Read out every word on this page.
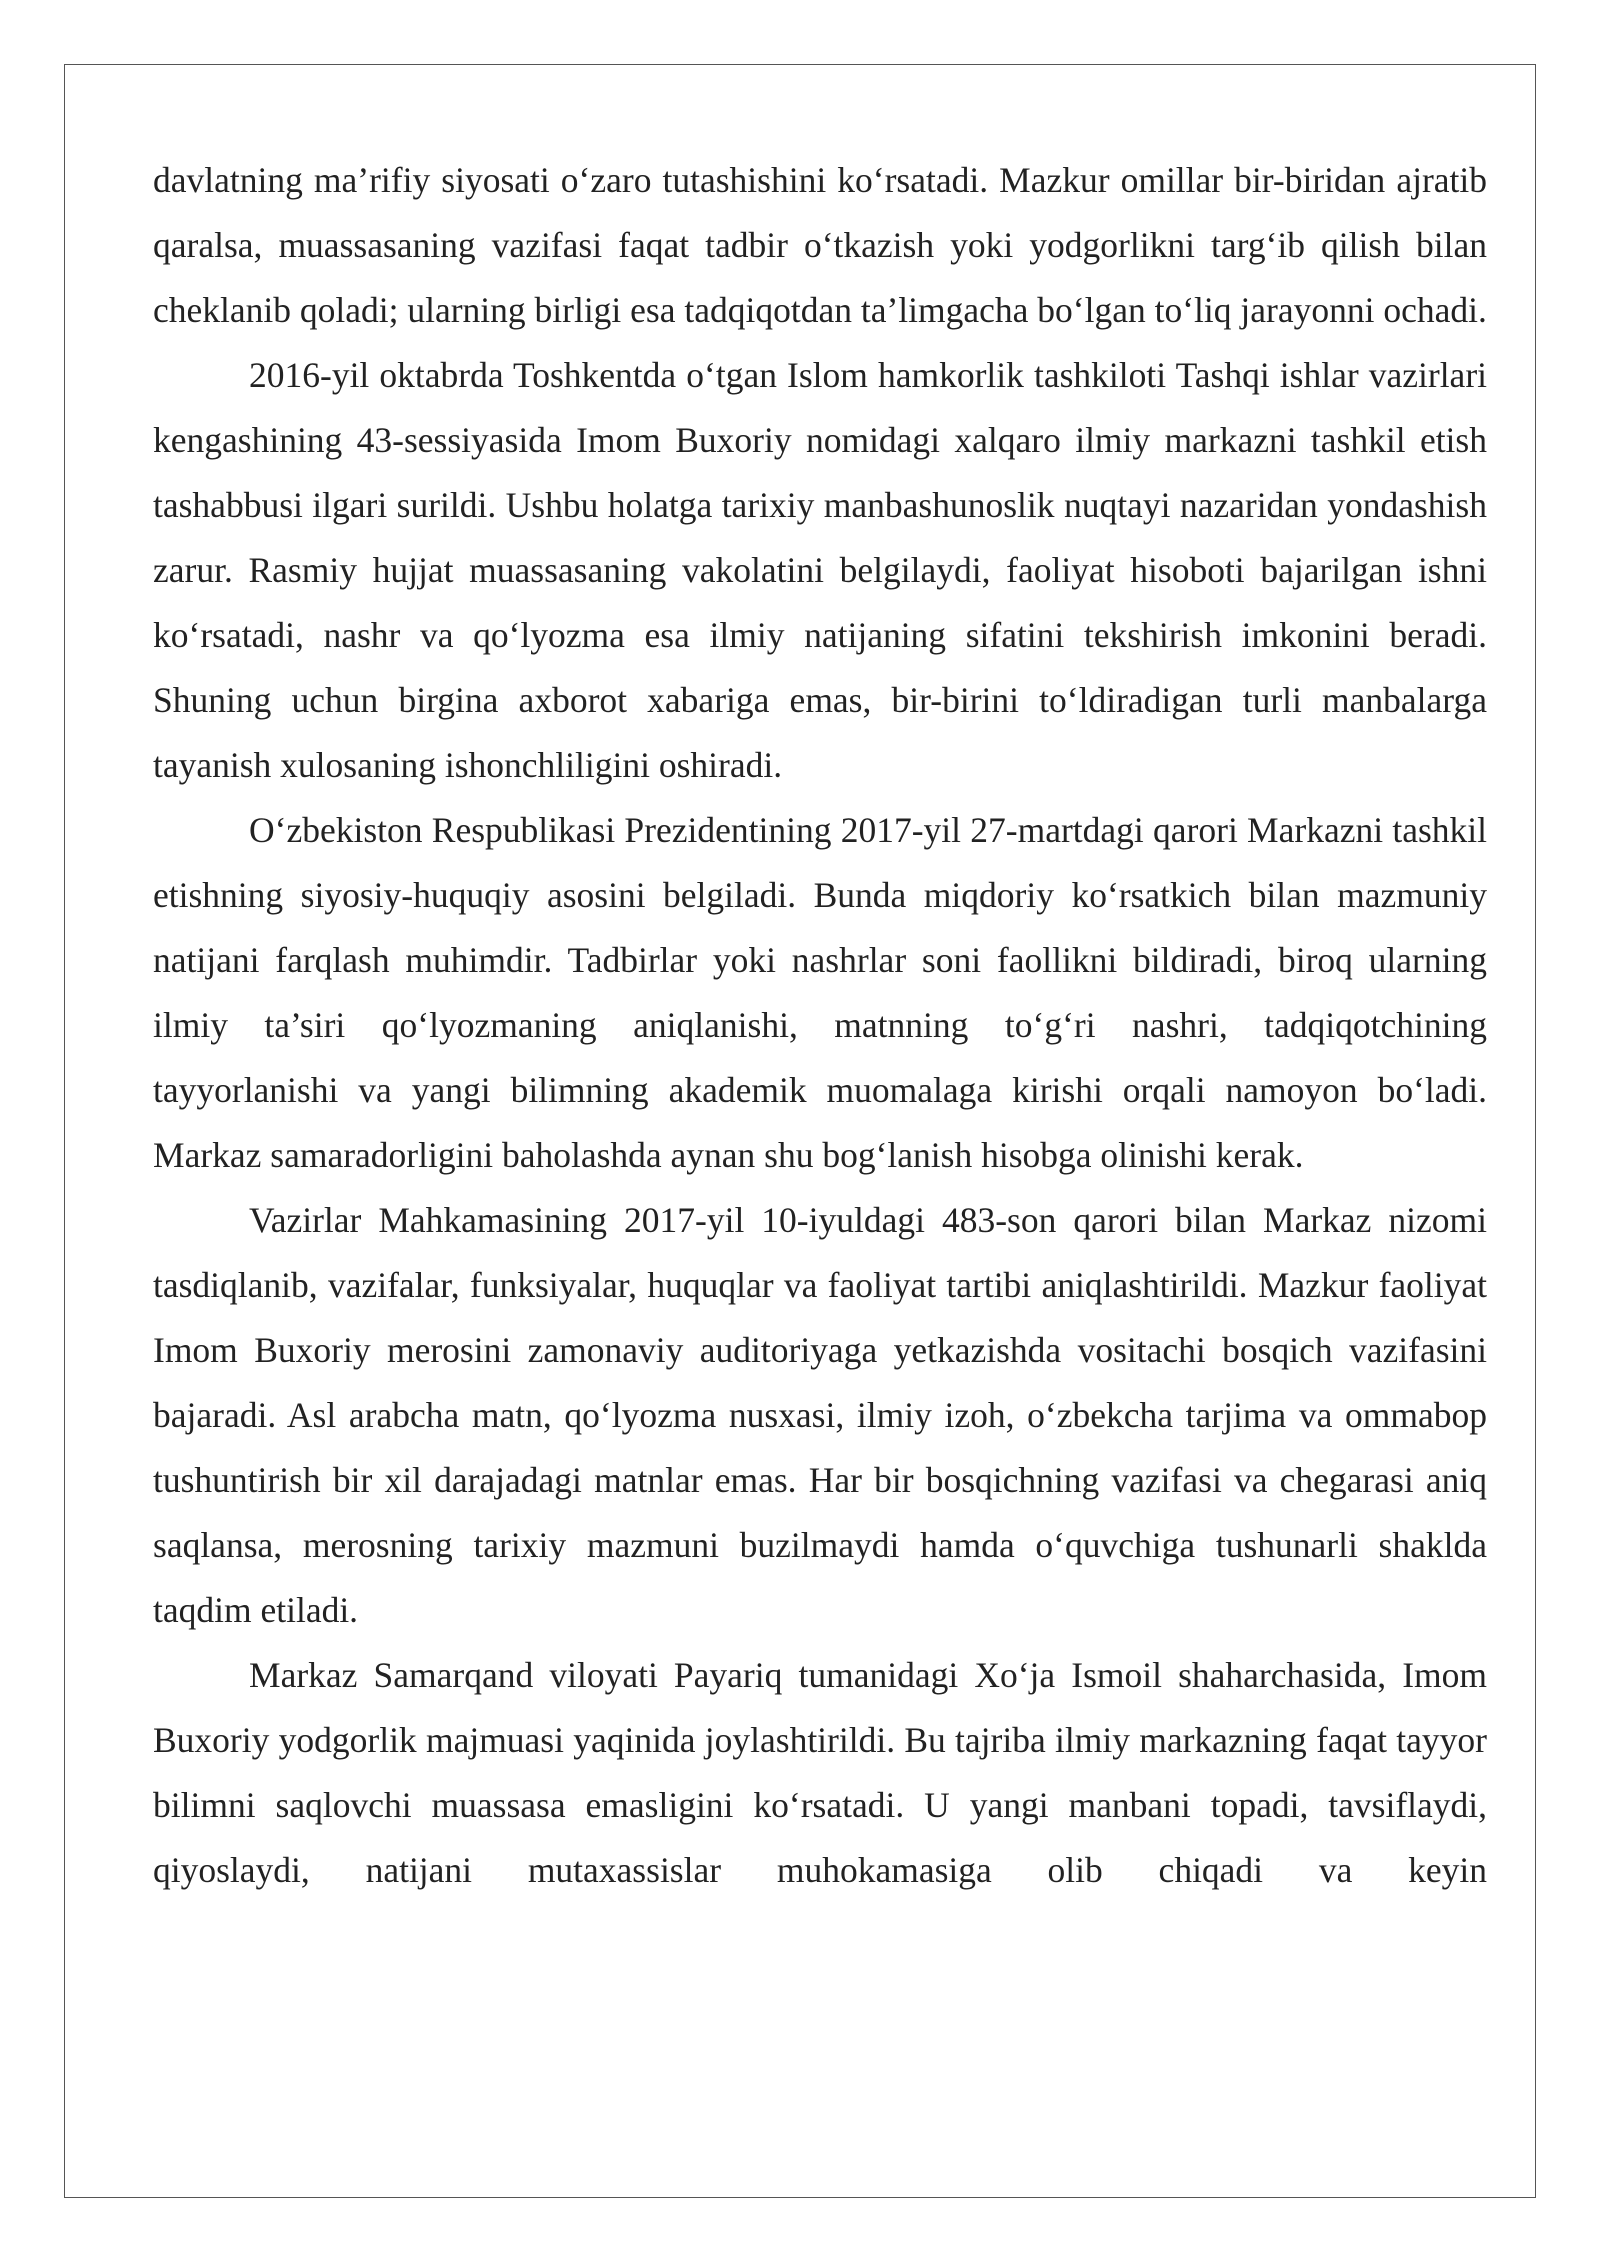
davlatning ma’rifiy siyosati o‘zaro tutashishini ko‘rsatadi. Mazkur omillar bir-biridan ajratib qaralsa, muassasaning vazifasi faqat tadbir o‘tkazish yoki yodgorlikni targ‘ib qilish bilan cheklanib qoladi; ularning birligi esa tadqiqotdan ta’limgacha bo‘lgan to‘liq jarayonni ochadi.

2016-yil oktabrda Toshkentda o‘tgan Islom hamkorlik tashkiloti Tashqi ishlar vazirlari kengashining 43-sessiyasida Imom Buxoriy nomidagi xalqaro ilmiy markazni tashkil etish tashabbusi ilgari surildi. Ushbu holatga tarixiy manbashunoslik nuqtayi nazaridan yondashish zarur. Rasmiy hujjat muassasaning vakolatini belgilaydi, faoliyat hisoboti bajarilgan ishni ko‘rsatadi, nashr va qo‘lyozma esa ilmiy natijaning sifatini tekshirish imkonini beradi. Shuning uchun birgina axborot xabariga emas, bir-birini to‘ldiradigan turli manbalarga tayanish xulosaning ishonchliligini oshiradi.

O‘zbekiston Respublikasi Prezidentining 2017-yil 27-martdagi qarori Markazni tashkil etishning siyosiy-huquqiy asosini belgiladi. Bunda miqdoriy ko‘rsatkich bilan mazmuniy natijani farqlash muhimdir. Tadbirlar yoki nashrlar soni faollikni bildiradi, biroq ularning ilmiy ta’siri qo‘lyozmaning aniqlanishi, matnning to‘g‘ri nashri, tadqiqotchining tayyorlanishi va yangi bilimning akademik muomalaga kirishi orqali namoyon bo‘ladi. Markaz samaradorligini baholashda aynan shu bog‘lanish hisobga olinishi kerak.

Vazirlar Mahkamasining 2017-yil 10-iyuldagi 483-son qarori bilan Markaz nizomi tasdiqlanib, vazifalar, funksiyalar, huquqlar va faoliyat tartibi aniqlashtirildi. Mazkur faoliyat Imom Buxoriy merosini zamonaviy auditoriyaga yetkazishda vositachi bosqich vazifasini bajaradi. Asl arabcha matn, qo‘lyozma nusxasi, ilmiy izoh, o‘zbekcha tarjima va ommabop tushuntirish bir xil darajadagi matnlar emas. Har bir bosqichning vazifasi va chegarasi aniq saqlansa, merosning tarixiy mazmuni buzilmaydi hamda o‘quvchiga tushunarli shaklda taqdim etiladi.

Markaz Samarqand viloyati Payariq tumanidagi Xo‘ja Ismoil shaharchasida, Imom Buxoriy yodgorlik majmuasi yaqinida joylashtirildi. Bu tajriba ilmiy markazning faqat tayyor bilimni saqlovchi muassasa emasligini ko‘rsatadi. U yangi manbani topadi, tavsiflaydi, qiyoslaydi, natijani mutaxassislar muhokamasiga olib chiqadi va keyin
